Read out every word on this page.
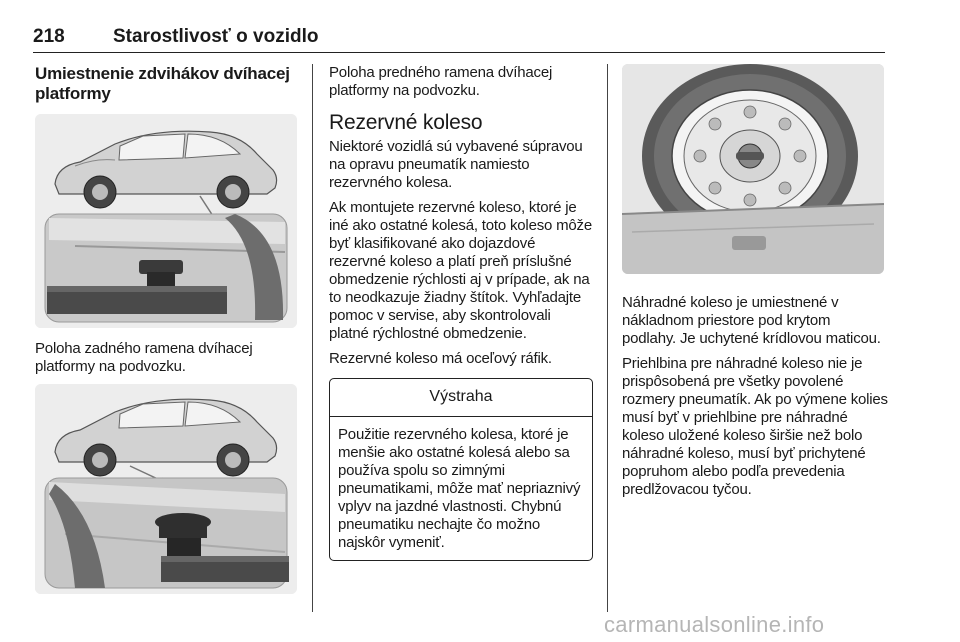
218	Starostlivosť o vozidlo
Umiestnenie zdvihákov dvíhacej platformy

Poloha zadného ramena dvíhacej platformy na podvozku.

Poloha predného ramena dvíhacej platformy na podvozku.

Rezervné koleso

Niektoré vozidlá sú vybavené súpravou na opravu pneumatík namiesto rezervného kolesa.

Ak montujete rezervné koleso, ktoré je iné ako ostatné kolesá, toto koleso môže byť klasifikované ako dojazdové rezervné koleso a platí preň príslušné obmedzenie rýchlosti aj v prípade, ak na to neodkazuje žiadny štítok. Vyhľadajte pomoc v servise, aby skontrolovali platné rýchlostné obmedzenie.

Rezervné koleso má oceľový ráfik.

Výstraha

Použitie rezervného kolesa, ktoré je menšie ako ostatné kolesá alebo sa používa spolu so zimnými pneumatikami, môže mať nepriaznivý vplyv na jazdné vlastnosti. Chybnú pneumatiku nechajte čo možno najskôr vymeniť.

Náhradné koleso je umiestnené v nákladnom priestore pod krytom podlahy. Je uchytené krídlovou maticou.

Priehlbina pre náhradné koleso nie je prispôsobená pre všetky povolené rozmery pneumatík. Ak po výmene kolies musí byť v priehlbine pre náhradné koleso uložené koleso širšie než bolo náhradné koleso, musí byť prichytené popruhom alebo podľa prevedenia predlžovacou tyčou.

carmanualsonline.info
